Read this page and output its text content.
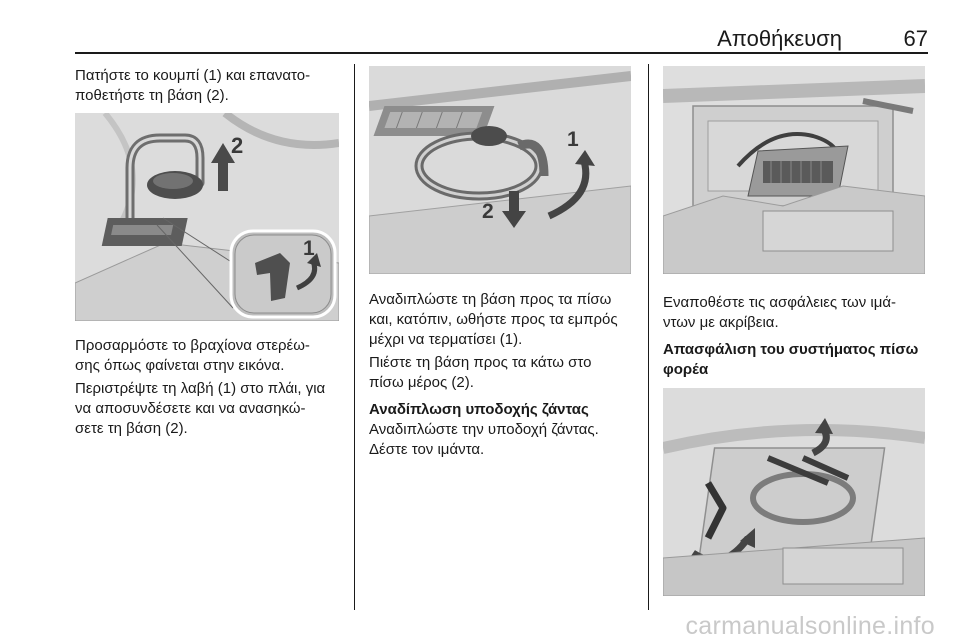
Αποθήκευση	67

Πατήστε το κουμπί (1) και επανατο-

ποθετήστε τη βάση (2).

2
1

Προσαρμόστε το βραχίονα στερέω-

σης όπως φαίνεται στην εικόνα.

Περιστρέψτε τη λαβή (1) στο πλάι, για

να αποσυνδέσετε και να ανασηκώ-

σετε τη βάση (2).

1
2

Αναδιπλώστε τη βάση προς τα πίσω

και, κατόπιν, ωθήστε προς τα εμπρός

μέχρι να τερματίσει (1).

Πιέστε τη βάση προς τα κάτω στο

πίσω μέρος (2).

Αναδίπλωση υποδοχής ζάντας

Αναδιπλώστε την υποδοχή ζάντας.

Δέστε τον ιμάντα.

Εναποθέστε τις ασφάλειες των ιμά-

ντων με ακρίβεια.

Απασφάλιση του συστήματος πίσω

φορέα

carmanualsonline.info
